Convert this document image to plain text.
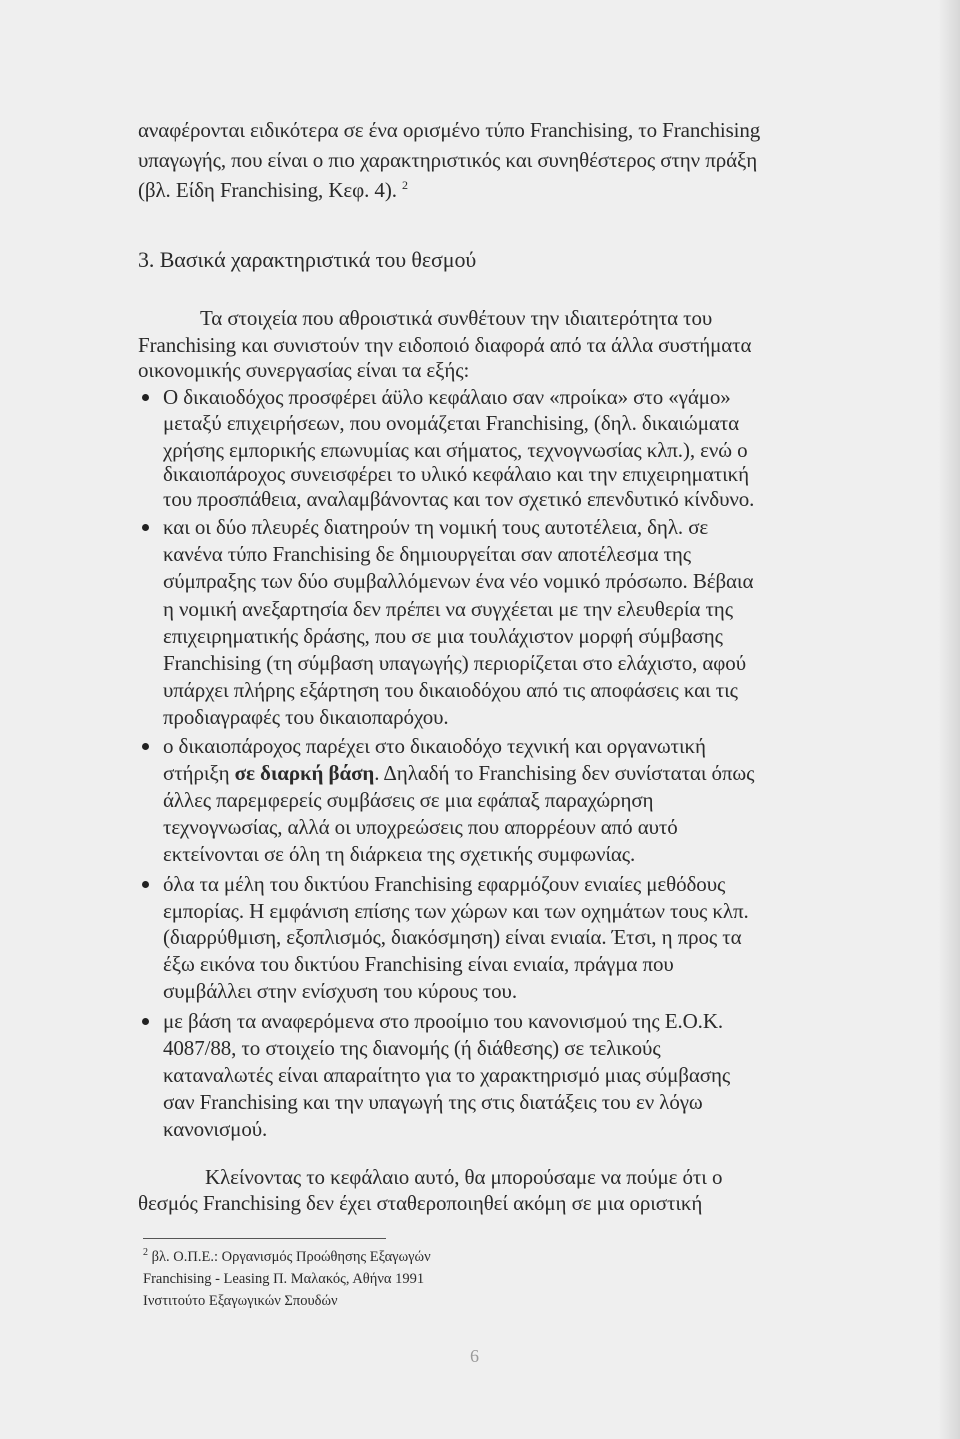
αναφέρονται ειδικότερα σε ένα ορισμένο τύπο Franchising, το Franchising
υπαγωγής, που είναι ο πιο χαρακτηριστικός και συνηθέστερος στην πράξη
(βλ. Είδη Franchising, Κεφ. 4). $^2$
3. Βασικά χαρακτηριστικά του θεσμού
Τα στοιχεία που αθροιστικά συνθέτουν την ιδιαιτερότητα του
Franchising και συνιστούν την ειδοποιό διαφορά από τα άλλα συστήματα
οικονομικής συνεργασίας είναι τα εξής:
Ο δικαιοδόχος προσφέρει άϋλο κεφάλαιο σαν «προίκα» στο «γάμο»
μεταξύ επιχειρήσεων, που ονομάζεται Franchising, (δηλ. δικαιώματα
χρήσης εμπορικής επωνυμίας και σήματος, τεχνογνωσίας κλπ.), ενώ ο
δικαιοπάροχος συνεισφέρει το υλικό κεφάλαιο και την επιχειρηματική
του προσπάθεια, αναλαμβάνοντας και τον σχετικό επενδυτικό κίνδυνο.
και οι δύο πλευρές διατηρούν τη νομική τους αυτοτέλεια, δηλ. σε
κανένα τύπο Franchising δε δημιουργείται σαν αποτέλεσμα της
σύμπραξης των δύο συμβαλλόμενων ένα νέο νομικό πρόσωπο. Βέβαια
η νομική ανεξαρτησία δεν πρέπει να συγχέεται με την ελευθερία της
επιχειρηματικής δράσης, που σε μια τουλάχιστον μορφή σύμβασης
Franchising (τη σύμβαση υπαγωγής) περιορίζεται στο ελάχιστο, αφού
υπάρχει πλήρης εξάρτηση του δικαιοδόχου από τις αποφάσεις και τις
προδιαγραφές του δικαιοπαρόχου.
ο δικαιοπάροχος παρέχει στο δικαιοδόχο τεχνική και οργανωτική
στήριξη σε διαρκή βάση. Δηλαδή το Franchising δεν συνίσταται όπως
άλλες παρεμφερείς συμβάσεις σε μια εφάπαξ παραχώρηση
τεχνογνωσίας, αλλά οι υποχρεώσεις που απορρέουν από αυτό
εκτείνονται σε όλη τη διάρκεια της σχετικής συμφωνίας.
όλα τα μέλη του δικτύου Franchising εφαρμόζουν ενιαίες μεθόδους
εμπορίας. Η εμφάνιση επίσης των χώρων και των οχημάτων τους κλπ.
(διαρρύθμιση, εξοπλισμός, διακόσμηση) είναι ενιαία. Έτσι, η προς τα
έξω εικόνα του δικτύου Franchising είναι ενιαία, πράγμα που
συμβάλλει στην ενίσχυση του κύρους του.
με βάση τα αναφερόμενα στο προοίμιο του κανονισμού της Ε.Ο.Κ.
4087/88, το στοιχείο της διανομής (ή διάθεσης) σε τελικούς
καταναλωτές είναι απαραίτητο για το χαρακτηρισμό μιας σύμβασης
σαν Franchising και την υπαγωγή της στις διατάξεις του εν λόγω
κανονισμού.
Κλείνοντας το κεφάλαιο αυτό, θα μπορούσαμε να πούμε ότι ο
θεσμός Franchising δεν έχει σταθεροποιηθεί ακόμη σε μια οριστική
$^2$ βλ. Ο.Π.Ε.: Οργανισμός Προώθησης Εξαγωγών
Franchising - Leasing Π. Μαλακός, Αθήνα 1991
Ινστιτούτο Εξαγωγικών Σπουδών
6
